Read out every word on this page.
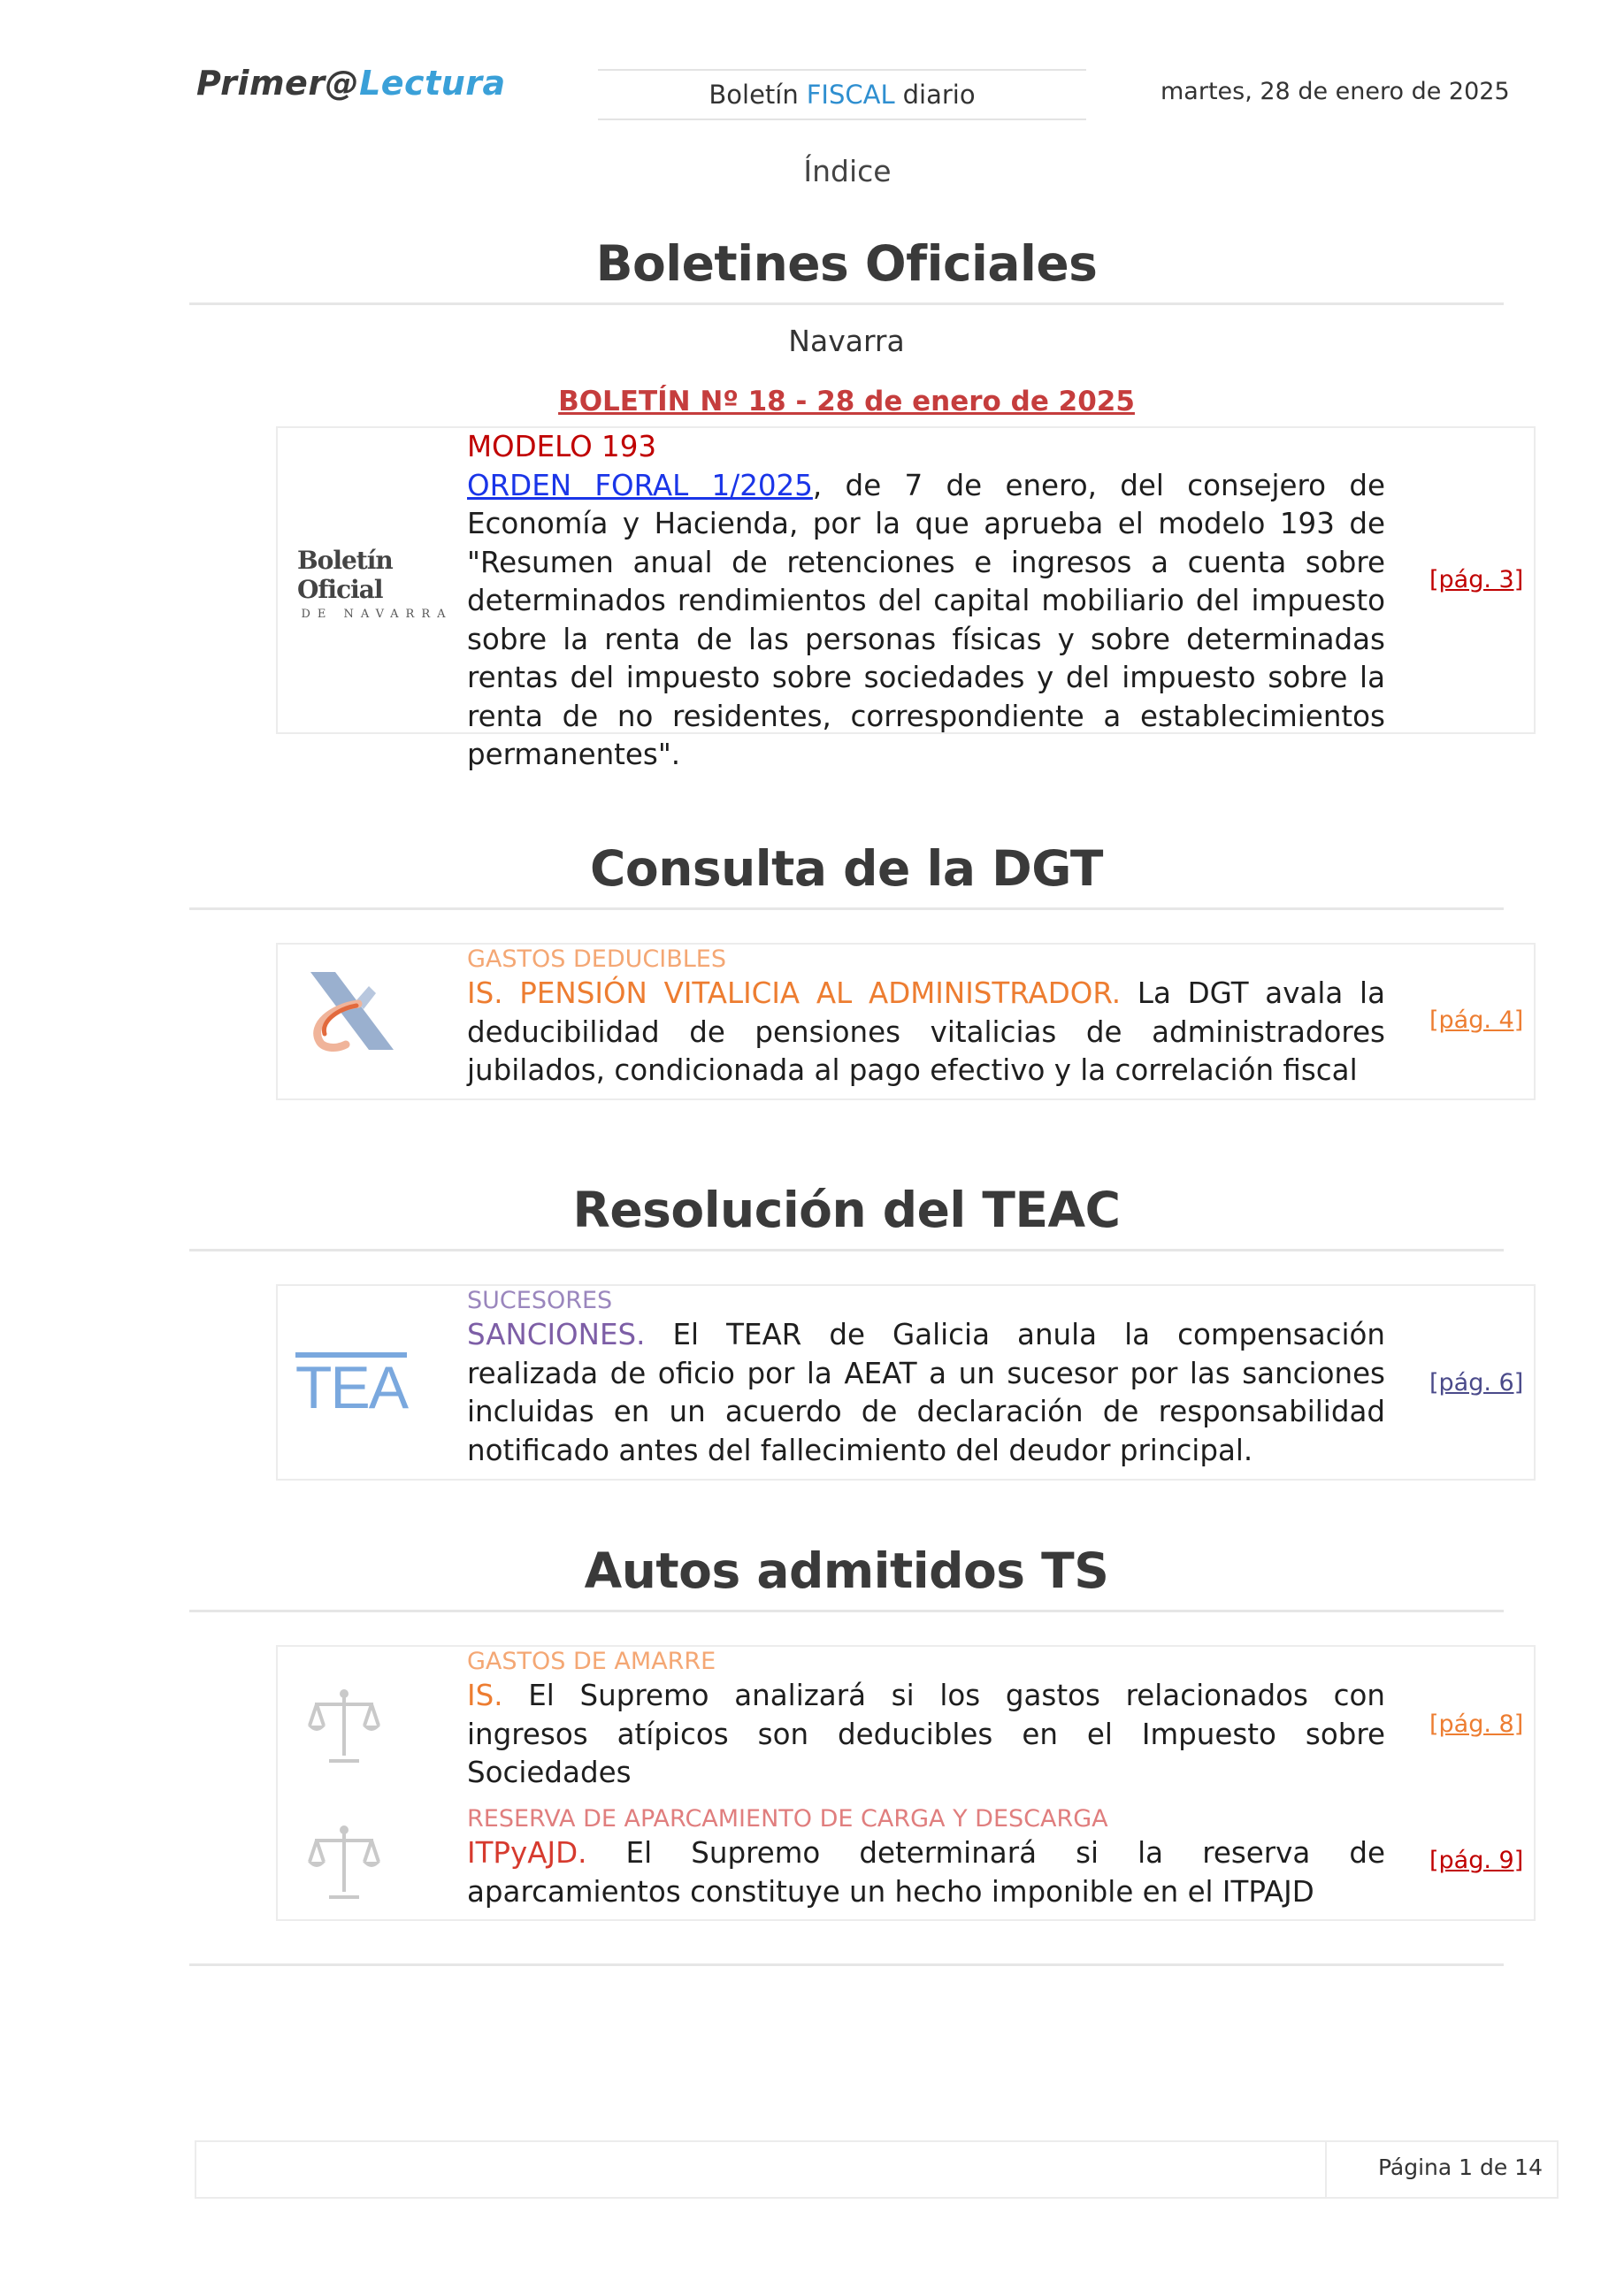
Primer@Lectura	Boletín FISCAL diario	martes, 28 de enero de 2025
Índice
Boletines Oficiales
Navarra
BOLETÍN Nº 18 - 28 de enero de 2025
Boletín Oficial
DE NAVARRA
MODELO 193
ORDEN FORAL 1/2025, de 7 de enero, del consejero de Economía y Hacienda, por la que aprueba el modelo 193 de "Resumen anual de retenciones e ingresos a cuenta sobre determinados rendimientos del capital mobiliario del impuesto sobre la renta de las personas físicas y sobre determinadas rentas del impuesto sobre sociedades y del impuesto sobre la renta de no residentes, correspondiente a establecimientos permanentes".
[pág. 3]
Consulta de la DGT
GASTOS DEDUCIBLES
IS. PENSIÓN VITALICIA AL ADMINISTRADOR. La DGT avala la deducibilidad de pensiones vitalicias de administradores jubilados, condicionada al pago efectivo y la correlación fiscal
[pág. 4]
Resolución del TEAC
TEA
SUCESORES
SANCIONES. El TEAR de Galicia anula la compensación realizada de oficio por la AEAT a un sucesor por las sanciones incluidas en un acuerdo de declaración de responsabilidad notificado antes del fallecimiento del deudor principal.
[pág. 6]
Autos admitidos TS
GASTOS DE AMARRE
IS. El Supremo analizará si los gastos relacionados con ingresos atípicos son deducibles en el Impuesto sobre Sociedades
[pág. 8]
RESERVA DE APARCAMIENTO DE CARGA Y DESCARGA
ITPyAJD. El Supremo determinará si la reserva de aparcamientos constituye un hecho imponible en el ITPAJD
[pág. 9]
Página 1 de 14
